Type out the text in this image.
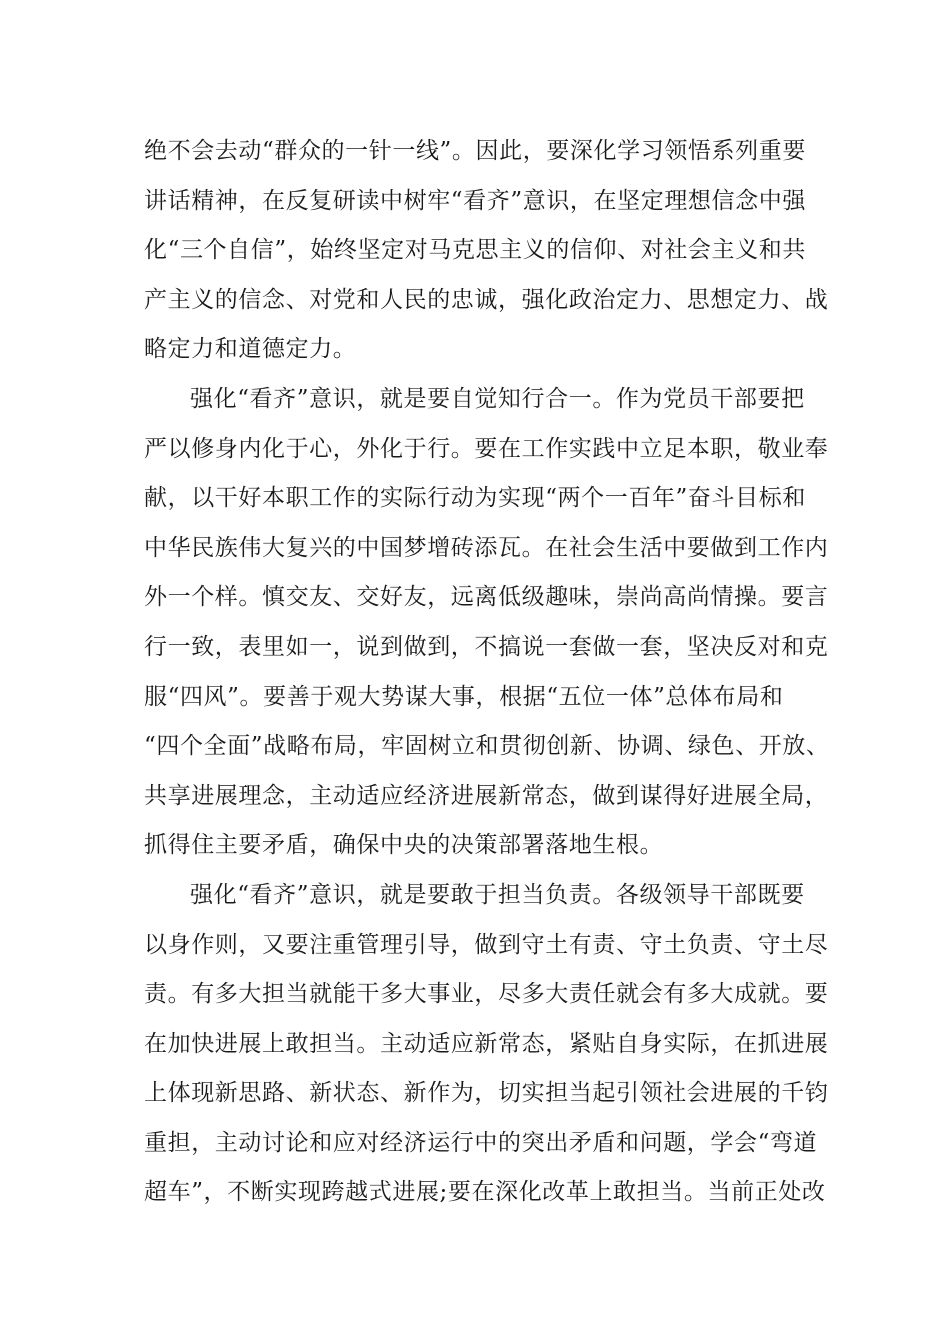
绝不会去动“群众的一针一线”。因此，要深化学习领悟系列重要
讲话精神，在反复研读中树牢“看齐”意识，在坚定理想信念中强
化“三个自信”，始终坚定对马克思主义的信仰、对社会主义和共
产主义的信念、对党和人民的忠诚，强化政治定力、思想定力、战
略定力和道德定力。
强化“看齐”意识，就是要自觉知行合一。作为党员干部要把
严以修身内化于心，外化于行。要在工作实践中立足本职，敬业奉
献，以干好本职工作的实际行动为实现“两个一百年”奋斗目标和
中华民族伟大复兴的中国梦增砖添瓦。在社会生活中要做到工作内
外一个样。慎交友、交好友，远离低级趣味，崇尚高尚情操。要言
行一致，表里如一，说到做到，不搞说一套做一套，坚决反对和克
服“四风”。要善于观大势谋大事，根据“五位一体”总体布局和
“四个全面”战略布局，牢固树立和贯彻创新、协调、绿色、开放、
共享进展理念，主动适应经济进展新常态，做到谋得好进展全局，
抓得住主要矛盾，确保中央的决策部署落地生根。
强化“看齐”意识，就是要敢于担当负责。各级领导干部既要
以身作则，又要注重管理引导，做到守土有责、守土负责、守土尽
责。有多大担当就能干多大事业，尽多大责任就会有多大成就。要
在加快进展上敢担当。主动适应新常态，紧贴自身实际，在抓进展
上体现新思路、新状态、新作为，切实担当起引领社会进展的千钧
重担，主动讨论和应对经济运行中的突出矛盾和问题，学会“弯道
超车”，不断实现跨越式进展;要在深化改革上敢担当。当前正处改
